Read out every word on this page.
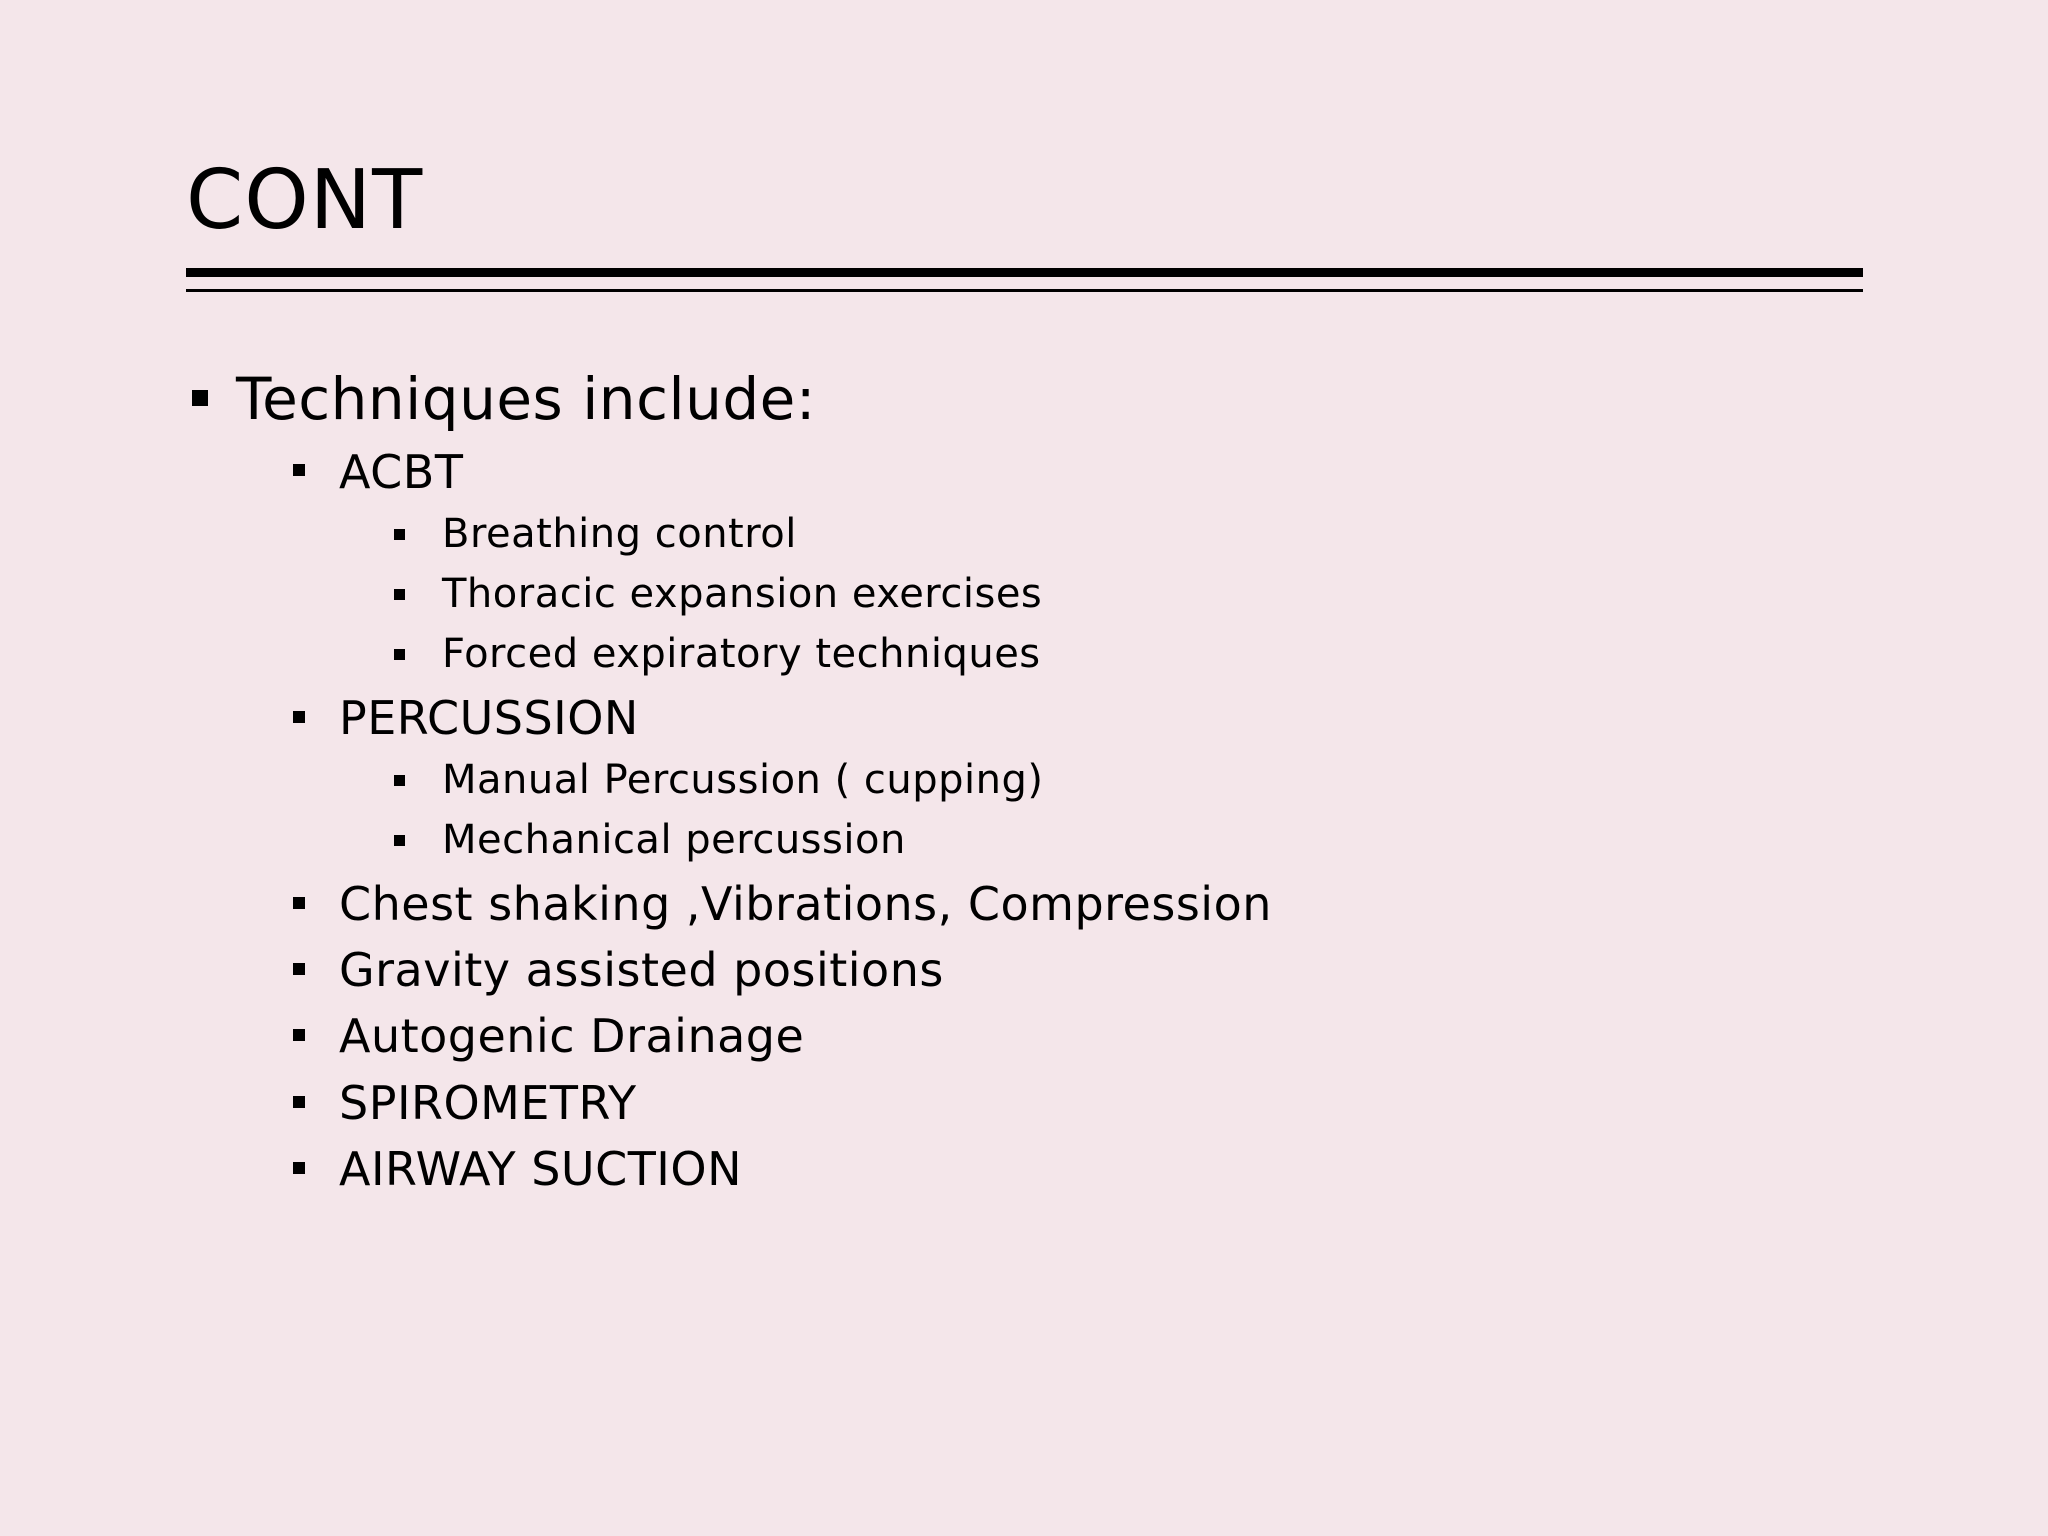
CONT
Techniques include:
ACBT
Breathing control
Thoracic expansion exercises
Forced expiratory techniques
PERCUSSION
Manual Percussion ( cupping)
Mechanical percussion
Chest shaking ,Vibrations, Compression
Gravity assisted positions
Autogenic Drainage
SPIROMETRY
AIRWAY SUCTION
